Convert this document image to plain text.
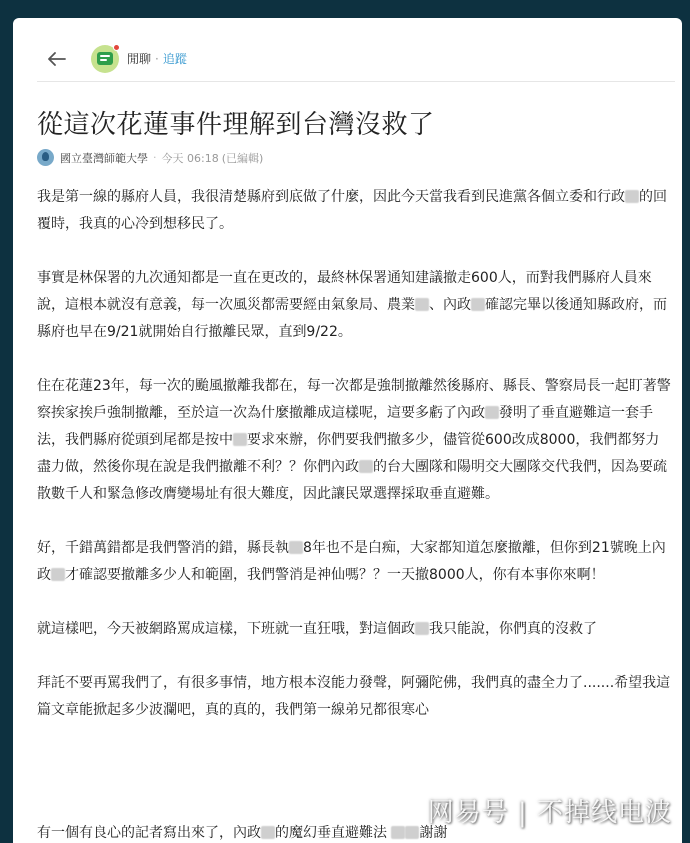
閒聊 · 追蹤
從這次花蓮事件理解到台灣沒救了
國立臺灣師範大學 · 今天 06:18 (已編輯)

我是第一線的縣府人員，我很清楚縣府到底做了什麼，因此今天當我看到民進黨各個立委和行政 的回覆時，我真的心冷到想移民了。

事實是林保署的九次通知都是一直在更改的，最終林保署通知建議撤走600人，而對我們縣府人員來說，這根本就沒有意義，每一次風災都需要經由氣象局、農業 、內政 確認完畢以後通知縣政府，而縣府也早在9/21就開始自行撤離民眾，直到9/22。

住在花蓮23年，每一次的颱風撤離我都在，每一次都是強制撤離然後縣府、縣長、警察局長一起盯著警察挨家挨戶強制撤離，至於這一次為什麼撤離成這樣呢，這要多虧了內政 發明了垂直避難這一套手法，我們縣府從頭到尾都是按中 要求來辦，你們要我們撤多少，儘管從600改成8000，我們都努力盡力做，然後你現在說是我們撤離不利？？你們內政 的台大團隊和陽明交大團隊交代我們，因為要疏散數千人和緊急修改膺變場址有很大難度，因此讓民眾選擇採取垂直避難。

好，千錯萬錯都是我們警消的錯，縣長執 8年也不是白痴，大家都知道怎麼撤離，但你到21號晚上內政 才確認要撤離多少人和範圍，我們警消是神仙嗎？？一天撤8000人，你有本事你來啊！

就這樣吧，今天被網路罵成這樣，下班就一直狂哦，對這個政 我只能說，你們真的沒救了

拜託不要再罵我們了，有很多事情，地方根本沒能力發聲，阿彌陀佛，我們真的盡全力了.......希望我這篇文章能掀起多少波瀾吧，真的真的，我們第一線弟兄都很寒心

有一個有良心的記者寫出來了，內政 的魔幻垂直避難法 謝謝
网易号 | 不掉线电波
